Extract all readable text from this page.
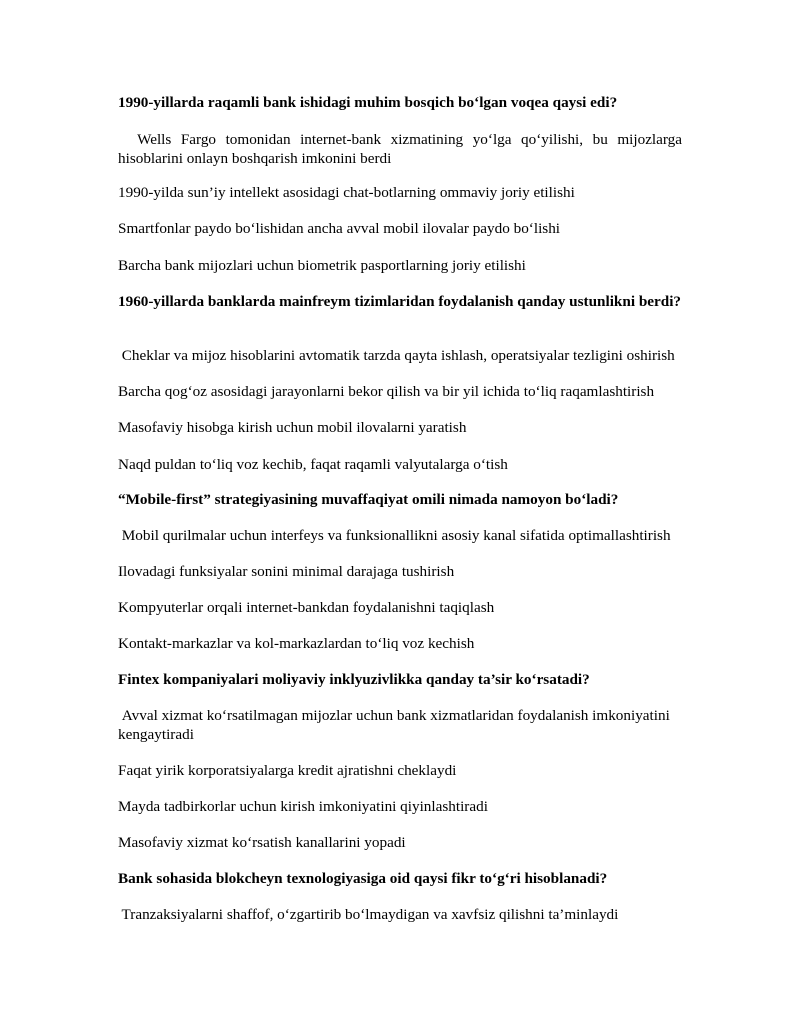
1990-yillarda raqamli bank ishidagi muhim bosqich bo‘lgan voqea qaysi edi?
Wells Fargo tomonidan internet-bank xizmatining yo‘lga qo‘yilishi, bu mijozlarga hisoblarini onlayn boshqarish imkonini berdi
1990-yilda sun’iy intellekt asosidagi chat-botlarning ommaviy joriy etilishi
Smartfonlar paydo bo‘lishidan ancha avval mobil ilovalar paydo bo‘lishi
Barcha bank mijozlari uchun biometrik pasportlarning joriy etilishi
1960-yillarda banklarda mainfreym tizimlaridan foydalanish qanday ustunlikni berdi?
Cheklar va mijoz hisoblarini avtomatik tarzda qayta ishlash, operatsiyalar tezligini oshirish
Barcha qog‘oz asosidagi jarayonlarni bekor qilish va bir yil ichida to‘liq raqamlashtirish
Masofaviy hisobga kirish uchun mobil ilovalarni yaratish
Naqd puldan to‘liq voz kechib, faqat raqamli valyutalarga o‘tish
“Mobile-first” strategiyasining muvaffaqiyat omili nimada namoyon bo‘ladi?
Mobil qurilmalar uchun interfeys va funksionallikni asosiy kanal sifatida optimallashtirish
Ilovadagi funksiyalar sonini minimal darajaga tushirish
Kompyuterlar orqali internet-bankdan foydalanishni taqiqlash
Kontakt-markazlar va kol-markazlardan to‘liq voz kechish
Fintex kompaniyalari moliyaviy inklyuzivlikka qanday ta’sir ko‘rsatadi?
Avval xizmat ko‘rsatilmagan mijozlar uchun bank xizmatlaridan foydalanish imkoniyatini kengaytiradi
Faqat yirik korporatsiyalarga kredit ajratishni cheklaydi
Mayda tadbirkorlar uchun kirish imkoniyatini qiyinlashtiradi
Masofaviy xizmat ko‘rsatish kanallarini yopadi
Bank sohasida blokcheyn texnologiyasiga oid qaysi fikr to‘g‘ri hisoblanadi?
Tranzaksiyalarni shaffof, o‘zgartirib bo‘lmaydigan va xavfsiz qilishni ta’minlaydi
